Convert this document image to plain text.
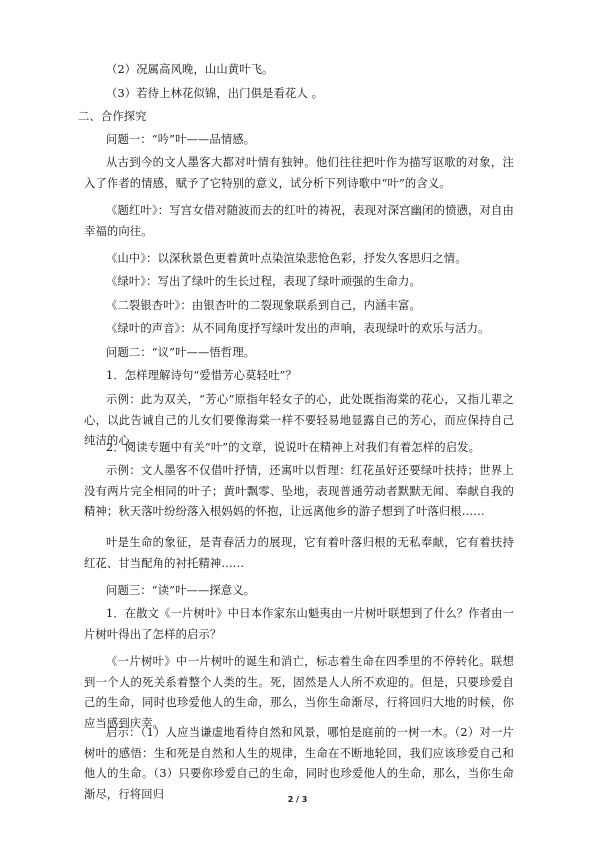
（2）况属高风晚，山山黄叶飞。

（3）若待上林花似锦，出门俱是看花人 。

二、合作探究

问题一：“吟”叶——品情感。

从古到今的文人墨客大都对叶情有独钟。他们往往把叶作为描写讴歌的对象，注入了作者的情感，赋予了它特别的意义，试分析下列诗歌中“叶”的含义。

《题红叶》：写宫女借对随波而去的红叶的祷祝，表现对深宫幽闭的愤懑，对自由幸福的向往。

《山中》：以深秋景色更着黄叶点染渲染悲怆色彩，抒发久客思归之情。

《绿叶》：写出了绿叶的生长过程，表现了绿叶顽强的生命力。

《二裂银杏叶》：由银杏叶的二裂现象联系到自己，内涵丰富。

《绿叶的声音》：从不同角度抒写绿叶发出的声响，表现绿叶的欢乐与活力。

问题二：“议”叶——悟哲理。

1．怎样理解诗句“爱惜芳心莫轻吐”？

示例：此为双关，“芳心”原指年轻女子的心，此处既指海棠的花心，又指儿辈之心，以此告诫自己的儿女们要像海棠一样不要轻易地显露自己的芳心，而应保持自己纯洁的心。

2．阅读专题中有关“叶”的文章，说说叶在精神上对我们有着怎样的启发。

示例：文人墨客不仅借叶抒情，还寓叶以哲理：红花虽好还要绿叶扶持；世界上没有两片完全相同的叶子；黄叶飘零、坠地，表现普通劳动者默默无闻、奉献自我的精神；秋天落叶纷纷落入根妈妈的怀抱，让远离他乡的游子想到了叶落归根……

叶是生命的象征，是青春活力的展现，它有着叶落归根的无私奉献，它有着扶持红花、甘当配角的衬托精神……

问题三：“读”叶——探意义。

1．在散文《一片树叶》中日本作家东山魁夷由一片树叶联想到了什么？作者由一片树叶得出了怎样的启示？

《一片树叶》中一片树叶的诞生和消亡，标志着生命在四季里的不停转化。联想到一个人的死关系着整个人类的生。死，固然是人人所不欢迎的。但是，只要珍爱自己的生命，同时也珍爱他人的生命，那么，当你生命渐尽，行将回归大地的时候，你应当感到庆幸。

启示：（1）人应当谦虚地看待自然和风景，哪怕是庭前的一树一木。（2）对一片树叶的感悟：生和死是自然和人生的规律，生命在不断地轮回，我们应该珍爱自己和他人的生命。（3）只要你珍爱自己的生命，同时也珍爱他人的生命，那么，当你生命渐尽，行将回归	2 / 3
